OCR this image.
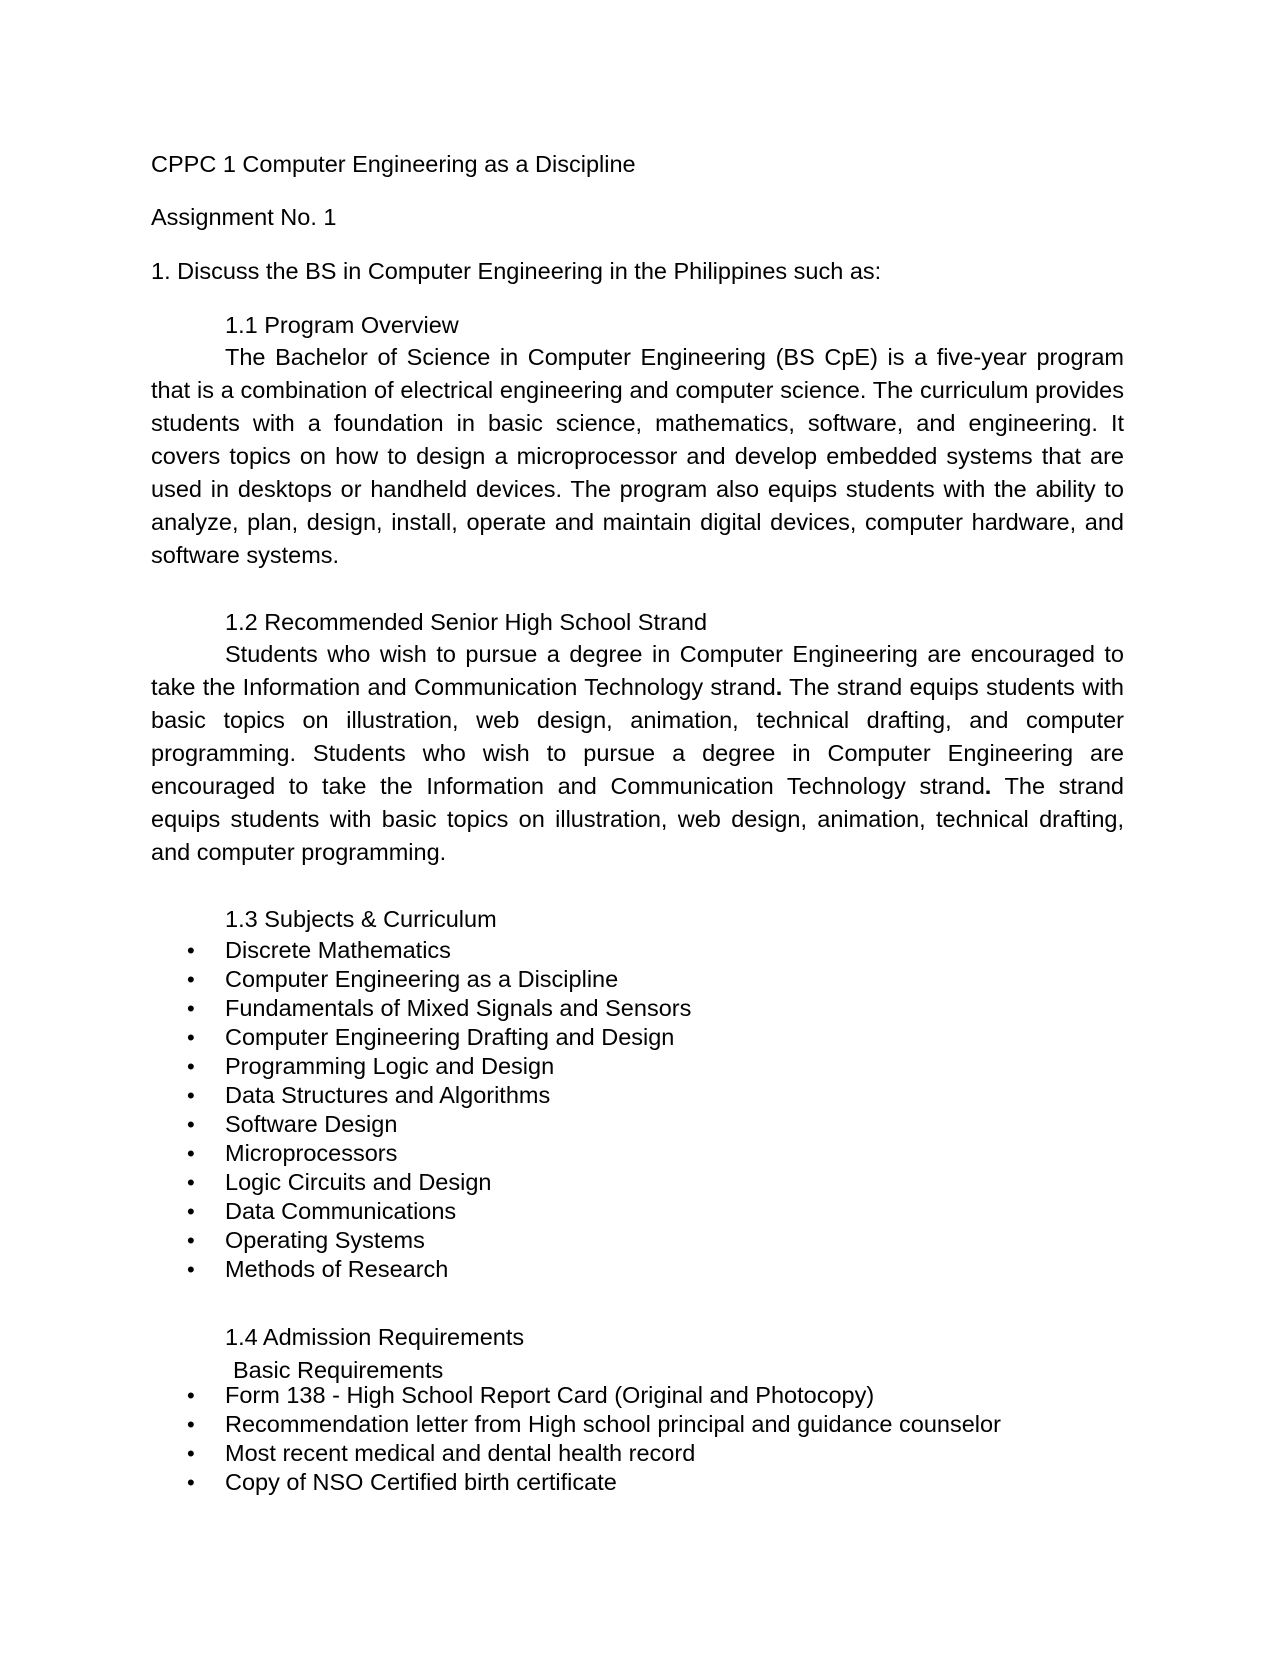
CPPC 1 Computer Engineering as a Discipline
Assignment No. 1
1. Discuss the BS in Computer Engineering in the Philippines such as:
1.1 Program Overview

The Bachelor of Science in Computer Engineering (BS CpE) is a five-year program that is a combination of electrical engineering and computer science. The curriculum provides students with a foundation in basic science, mathematics, software, and engineering. It covers topics on how to design a microprocessor and develop embedded systems that are used in desktops or handheld devices. The program also equips students with the ability to analyze, plan, design, install, operate and maintain digital devices, computer hardware, and software systems.

1.2 Recommended Senior High School Strand

Students who wish to pursue a degree in Computer Engineering are encouraged to take the Information and Communication Technology strand. The strand equips students with basic topics on illustration, web design, animation, technical drafting, and computer programming. Students who wish to pursue a degree in Computer Engineering are encouraged to take the Information and Communication Technology strand. The strand equips students with basic topics on illustration, web design, animation, technical drafting, and computer programming.

1.3 Subjects & Curriculum
• Discrete Mathematics
• Computer Engineering as a Discipline
• Fundamentals of Mixed Signals and Sensors
• Computer Engineering Drafting and Design
• Programming Logic and Design
• Data Structures and Algorithms
• Software Design
• Microprocessors
• Logic Circuits and Design
• Data Communications
• Operating Systems
• Methods of Research
1.4 Admission Requirements
Basic Requirements
• Form 138 - High School Report Card (Original and Photocopy)
• Recommendation letter from High school principal and guidance counselor
• Most recent medical and dental health record
• Copy of NSO Certified birth certificate
